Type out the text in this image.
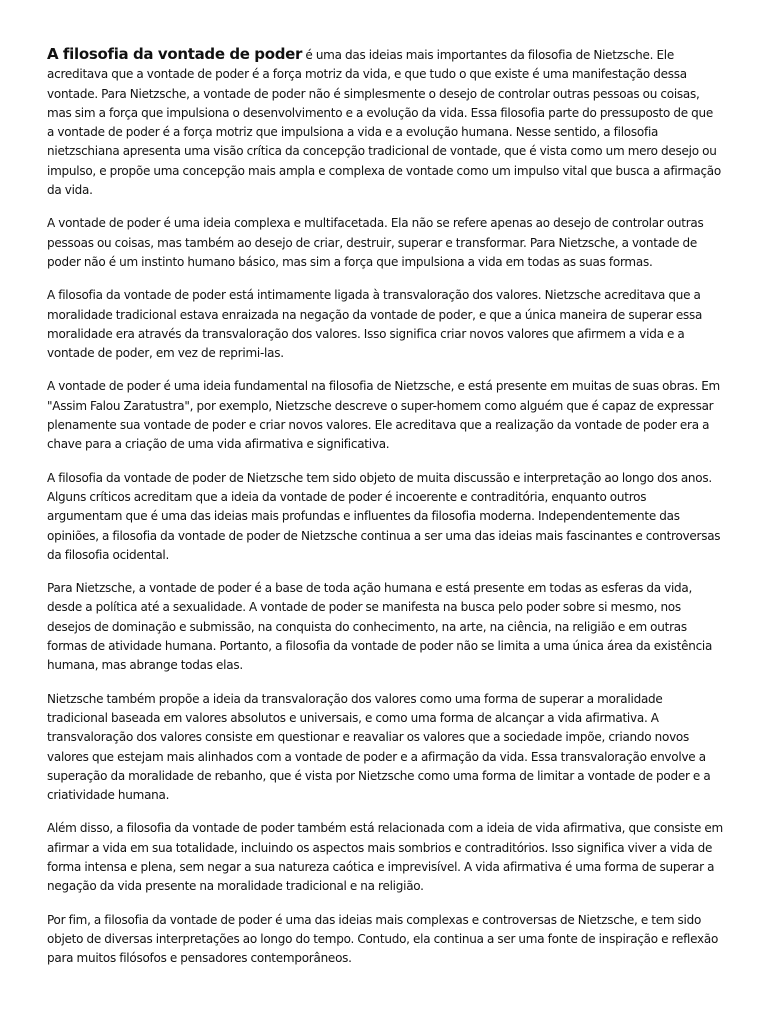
A filosofia da vontade de poder é uma das ideias mais importantes da filosofia de Nietzsche. Ele acreditava que a vontade de poder é a força motriz da vida, e que tudo o que existe é uma manifestação dessa vontade. Para Nietzsche, a vontade de poder não é simplesmente o desejo de controlar outras pessoas ou coisas, mas sim a força que impulsiona o desenvolvimento e a evolução da vida. Essa filosofia parte do pressuposto de que a vontade de poder é a força motriz que impulsiona a vida e a evolução humana. Nesse sentido, a filosofia nietzschiana apresenta uma visão crítica da concepção tradicional de vontade, que é vista como um mero desejo ou impulso, e propõe uma concepção mais ampla e complexa de vontade como um impulso vital que busca a afirmação da vida.

A vontade de poder é uma ideia complexa e multifacetada. Ela não se refere apenas ao desejo de controlar outras pessoas ou coisas, mas também ao desejo de criar, destruir, superar e transformar. Para Nietzsche, a vontade de poder não é um instinto humano básico, mas sim a força que impulsiona a vida em todas as suas formas.

A filosofia da vontade de poder está intimamente ligada à transvaloração dos valores. Nietzsche acreditava que a moralidade tradicional estava enraizada na negação da vontade de poder, e que a única maneira de superar essa moralidade era através da transvaloração dos valores. Isso significa criar novos valores que afirmem a vida e a vontade de poder, em vez de reprimi-las.

A vontade de poder é uma ideia fundamental na filosofia de Nietzsche, e está presente em muitas de suas obras. Em "Assim Falou Zaratustra", por exemplo, Nietzsche descreve o super-homem como alguém que é capaz de expressar plenamente sua vontade de poder e criar novos valores. Ele acreditava que a realização da vontade de poder era a chave para a criação de uma vida afirmativa e significativa.

A filosofia da vontade de poder de Nietzsche tem sido objeto de muita discussão e interpretação ao longo dos anos. Alguns críticos acreditam que a ideia da vontade de poder é incoerente e contraditória, enquanto outros argumentam que é uma das ideias mais profundas e influentes da filosofia moderna. Independentemente das opiniões, a filosofia da vontade de poder de Nietzsche continua a ser uma das ideias mais fascinantes e controversas da filosofia ocidental.

Para Nietzsche, a vontade de poder é a base de toda ação humana e está presente em todas as esferas da vida, desde a política até a sexualidade. A vontade de poder se manifesta na busca pelo poder sobre si mesmo, nos desejos de dominação e submissão, na conquista do conhecimento, na arte, na ciência, na religião e em outras formas de atividade humana. Portanto, a filosofia da vontade de poder não se limita a uma única área da existência humana, mas abrange todas elas.

Nietzsche também propõe a ideia da transvaloração dos valores como uma forma de superar a moralidade tradicional baseada em valores absolutos e universais, e como uma forma de alcançar a vida afirmativa. A transvaloração dos valores consiste em questionar e reavaliar os valores que a sociedade impõe, criando novos valores que estejam mais alinhados com a vontade de poder e a afirmação da vida. Essa transvaloração envolve a superação da moralidade de rebanho, que é vista por Nietzsche como uma forma de limitar a vontade de poder e a criatividade humana.

Além disso, a filosofia da vontade de poder também está relacionada com a ideia de vida afirmativa, que consiste em afirmar a vida em sua totalidade, incluindo os aspectos mais sombrios e contraditórios. Isso significa viver a vida de forma intensa e plena, sem negar a sua natureza caótica e imprevisível. A vida afirmativa é uma forma de superar a negação da vida presente na moralidade tradicional e na religião.

Por fim, a filosofia da vontade de poder é uma das ideias mais complexas e controversas de Nietzsche, e tem sido objeto de diversas interpretações ao longo do tempo. Contudo, ela continua a ser uma fonte de inspiração e reflexão para muitos filósofos e pensadores contemporâneos.
